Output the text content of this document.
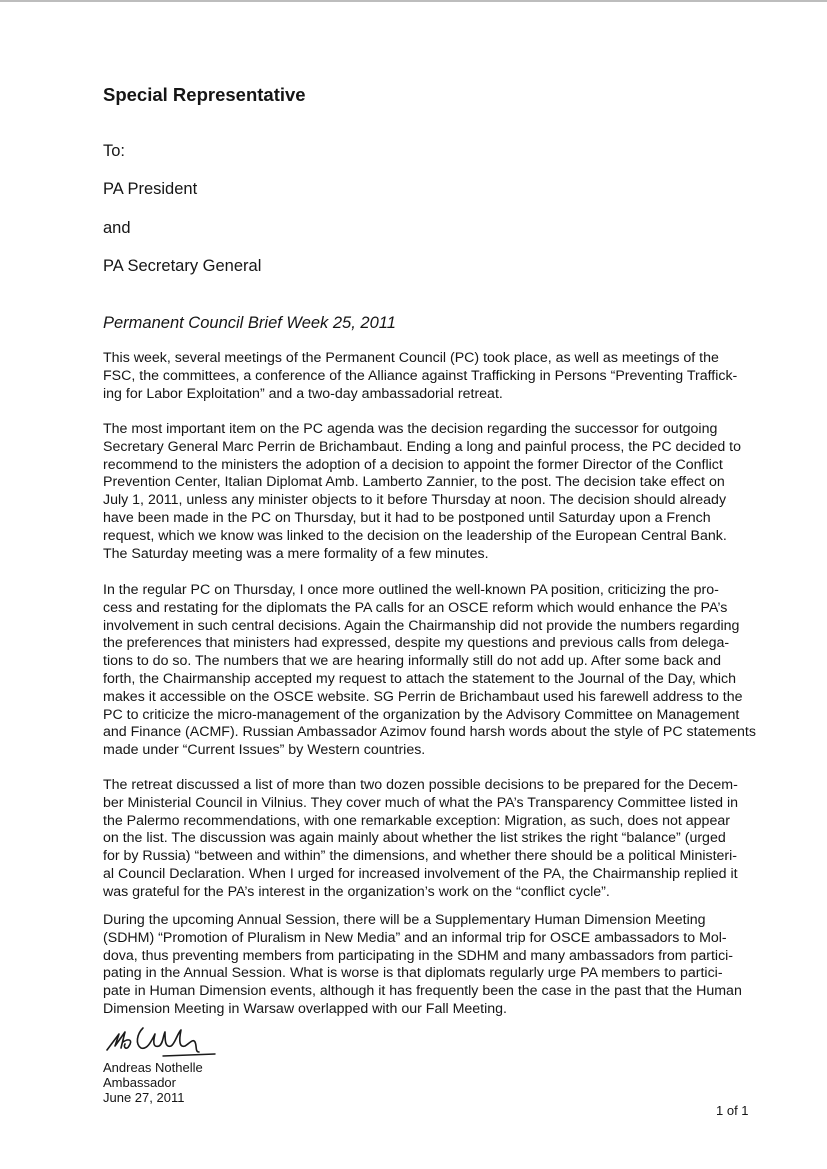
Special Representative

To:

PA President

and

PA Secretary General

Permanent Council Brief Week 25, 2011

This week, several meetings of the Permanent Council (PC) took place, as well as meetings of the
FSC, the committees, a conference of the Alliance against Trafficking in Persons “Preventing Traffick-
ing for Labor Exploitation” and a two-day ambassadorial retreat.

The most important item on the PC agenda was the decision regarding the successor for outgoing
Secretary General Marc Perrin de Brichambaut. Ending a long and painful process, the PC decided to
recommend to the ministers the adoption of a decision to appoint the former Director of the Conflict
Prevention Center, Italian Diplomat Amb. Lamberto Zannier, to the post. The decision take effect on
July 1, 2011, unless any minister objects to it before Thursday at noon. The decision should already
have been made in the PC on Thursday, but it had to be postponed until Saturday upon a French
request, which we know was linked to the decision on the leadership of the European Central Bank.
The Saturday meeting was a mere formality of a few minutes.

In the regular PC on Thursday, I once more outlined the well-known PA position, criticizing the pro-
cess and restating for the diplomats the PA calls for an OSCE reform which would enhance the PA’s
involvement in such central decisions. Again the Chairmanship did not provide the numbers regarding
the preferences that ministers had expressed, despite my questions and previous calls from delega-
tions to do so. The numbers that we are hearing informally still do not add up. After some back and
forth, the Chairmanship accepted my request to attach the statement to the Journal of the Day, which
makes it accessible on the OSCE website. SG Perrin de Brichambaut used his farewell address to the
PC to criticize the micro-management of the organization by the Advisory Committee on Management
and Finance (ACMF). Russian Ambassador Azimov found harsh words about the style of PC statements
made under “Current Issues” by Western countries.

The retreat discussed a list of more than two dozen possible decisions to be prepared for the Decem-
ber Ministerial Council in Vilnius. They cover much of what the PA’s Transparency Committee listed in
the Palermo recommendations, with one remarkable exception: Migration, as such, does not appear
on the list. The discussion was again mainly about whether the list strikes the right “balance” (urged
for by Russia) “between and within” the dimensions, and whether there should be a political Ministeri-
al Council Declaration. When I urged for increased involvement of the PA, the Chairmanship replied it
was grateful for the PA’s interest in the organization’s work on the “conflict cycle”.

During the upcoming Annual Session, there will be a Supplementary Human Dimension Meeting
(SDHM) “Promotion of Pluralism in New Media” and an informal trip for OSCE ambassadors to Mol-
dova, thus preventing members from participating in the SDHM and many ambassadors from partici-
pating in the Annual Session. What is worse is that diplomats regularly urge PA members to partici-
pate in Human Dimension events, although it has frequently been the case in the past that the Human
Dimension Meeting in Warsaw overlapped with our Fall Meeting.

Andreas Nothelle

Ambassador

June 27, 2011

1 of 1
